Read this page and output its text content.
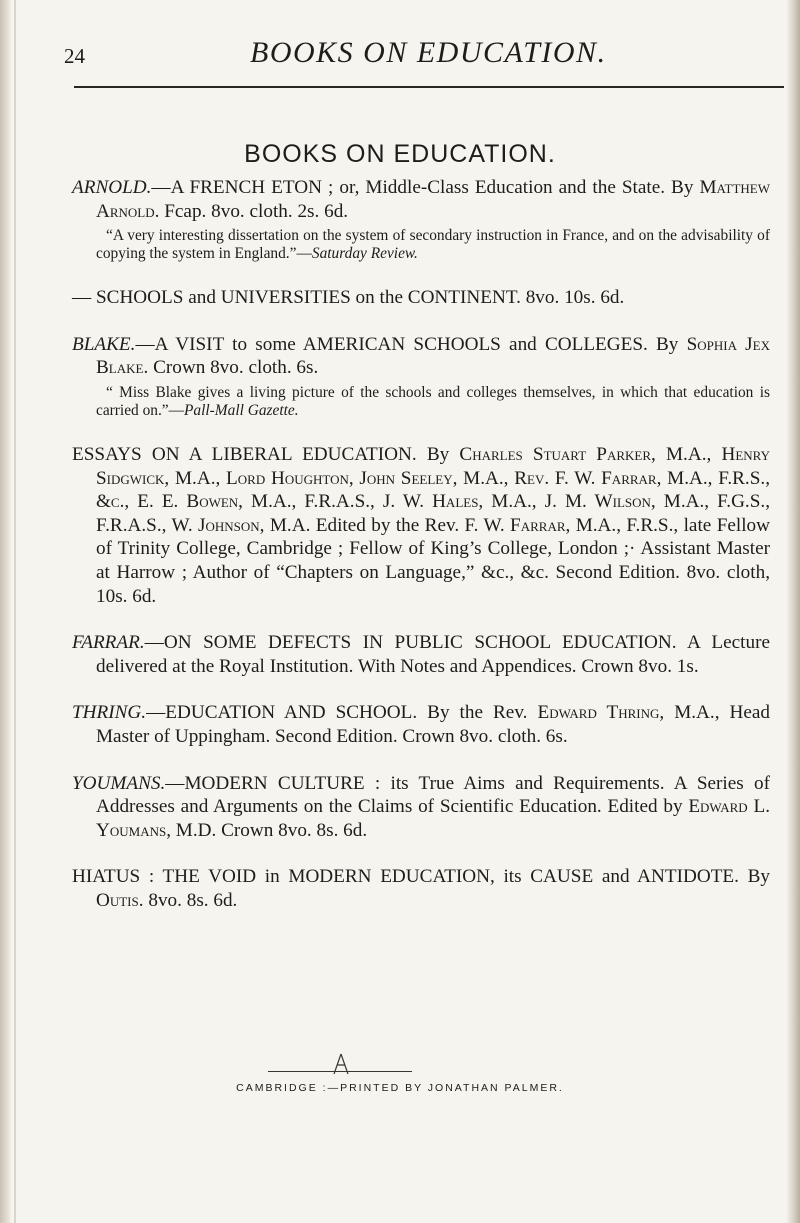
24	BOOKS ON EDUCATION.
BOOKS ON EDUCATION.

ARNOLD.—A FRENCH ETON ; or, Middle-Class Education and the State. By Matthew Arnold. Fcap. 8vo. cloth. 2s. 6d.

“A very interesting dissertation on the system of secondary instruction in France, and on the advisability of copying the system in England.”—Saturday Review.

— SCHOOLS and UNIVERSITIES on the CONTINENT. 8vo. 10s. 6d.

BLAKE.—A VISIT to some AMERICAN SCHOOLS and COLLEGES. By Sophia Jex Blake. Crown 8vo. cloth. 6s.

“ Miss Blake gives a living picture of the schools and colleges themselves, in which that education is carried on.”—Pall-Mall Gazette.

ESSAYS ON A LIBERAL EDUCATION. By Charles Stuart Parker, M.A., Henry Sidgwick, M.A., Lord Houghton, John Seeley, M.A., Rev. F. W. Farrar, M.A., F.R.S., &c., E. E. Bowen, M.A., F.R.A.S., J. W. Hales, M.A., J. M. Wilson, M.A., F.G.S., F.R.A.S., W. Johnson, M.A. Edited by the Rev. F. W. Farrar, M.A., F.R.S., late Fellow of Trinity College, Cambridge ; Fellow of King’s College, London ;· Assistant Master at Harrow ; Author of “Chapters on Language,” &c., &c. Second Edition. 8vo. cloth, 10s. 6d.

FARRAR.—ON SOME DEFECTS IN PUBLIC SCHOOL EDUCATION. A Lecture delivered at the Royal Institution. With Notes and Appendices. Crown 8vo. 1s.

THRING.—EDUCATION AND SCHOOL. By the Rev. Edward Thring, M.A., Head Master of Uppingham. Second Edition. Crown 8vo. cloth. 6s.

YOUMANS.—MODERN CULTURE : its True Aims and Requirements. A Series of Addresses and Arguments on the Claims of Scientific Education. Edited by Edward L. Youmans, M.D. Crown 8vo. 8s. 6d.

HIATUS : THE VOID in MODERN EDUCATION, its CAUSE and ANTIDOTE. By Outis. 8vo. 8s. 6d.

CAMBRIDGE :—PRINTED BY JONATHAN PALMER.
